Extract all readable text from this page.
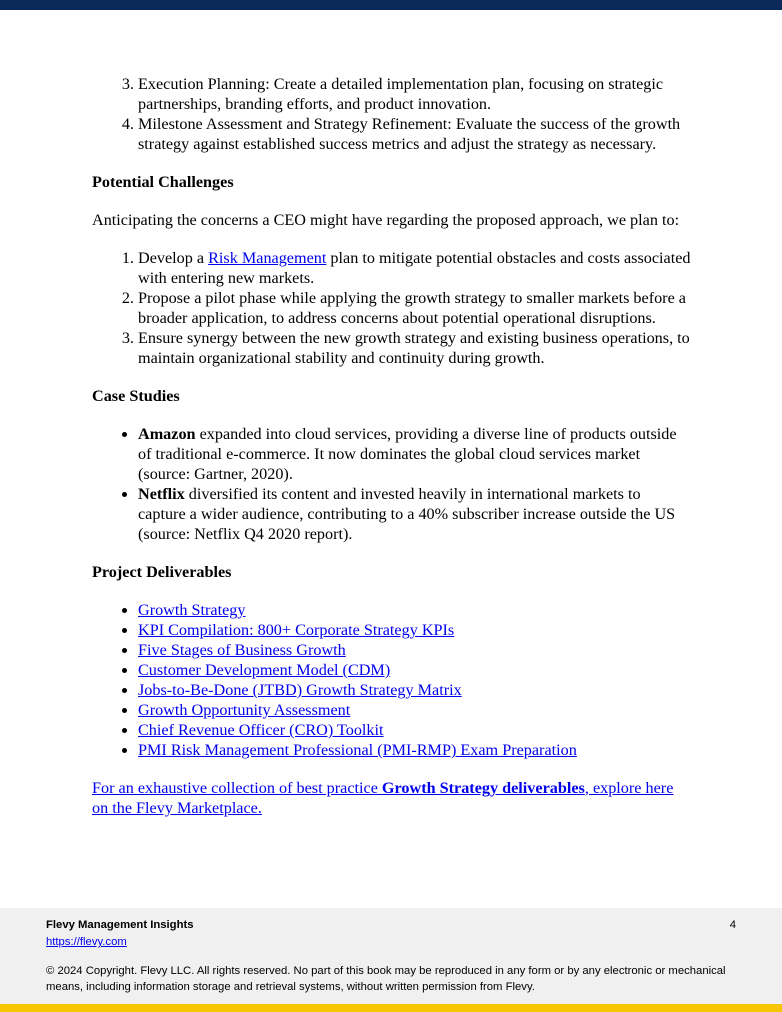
3. Execution Planning: Create a detailed implementation plan, focusing on strategic partnerships, branding efforts, and product innovation.
4. Milestone Assessment and Strategy Refinement: Evaluate the success of the growth strategy against established success metrics and adjust the strategy as necessary.

Potential Challenges

Anticipating the concerns a CEO might have regarding the proposed approach, we plan to:

1. Develop a Risk Management plan to mitigate potential obstacles and costs associated with entering new markets.
2. Propose a pilot phase while applying the growth strategy to smaller markets before a broader application, to address concerns about potential operational disruptions.
3. Ensure synergy between the new growth strategy and existing business operations, to maintain organizational stability and continuity during growth.

Case Studies

• Amazon expanded into cloud services, providing a diverse line of products outside of traditional e-commerce. It now dominates the global cloud services market (source: Gartner, 2020).
• Netflix diversified its content and invested heavily in international markets to capture a wider audience, contributing to a 40% subscriber increase outside the US (source: Netflix Q4 2020 report).

Project Deliverables

• Growth Strategy
• KPI Compilation: 800+ Corporate Strategy KPIs
• Five Stages of Business Growth
• Customer Development Model (CDM)
• Jobs-to-Be-Done (JTBD) Growth Strategy Matrix
• Growth Opportunity Assessment
• Chief Revenue Officer (CRO) Toolkit
• PMI Risk Management Professional (PMI-RMP) Exam Preparation

For an exhaustive collection of best practice Growth Strategy deliverables, explore here on the Flevy Marketplace.

Flevy Management Insights
https://flevy.com
4
© 2024 Copyright. Flevy LLC. All rights reserved. No part of this book may be reproduced in any form or by any electronic or mechanical means, including information storage and retrieval systems, without written permission from Flevy.
